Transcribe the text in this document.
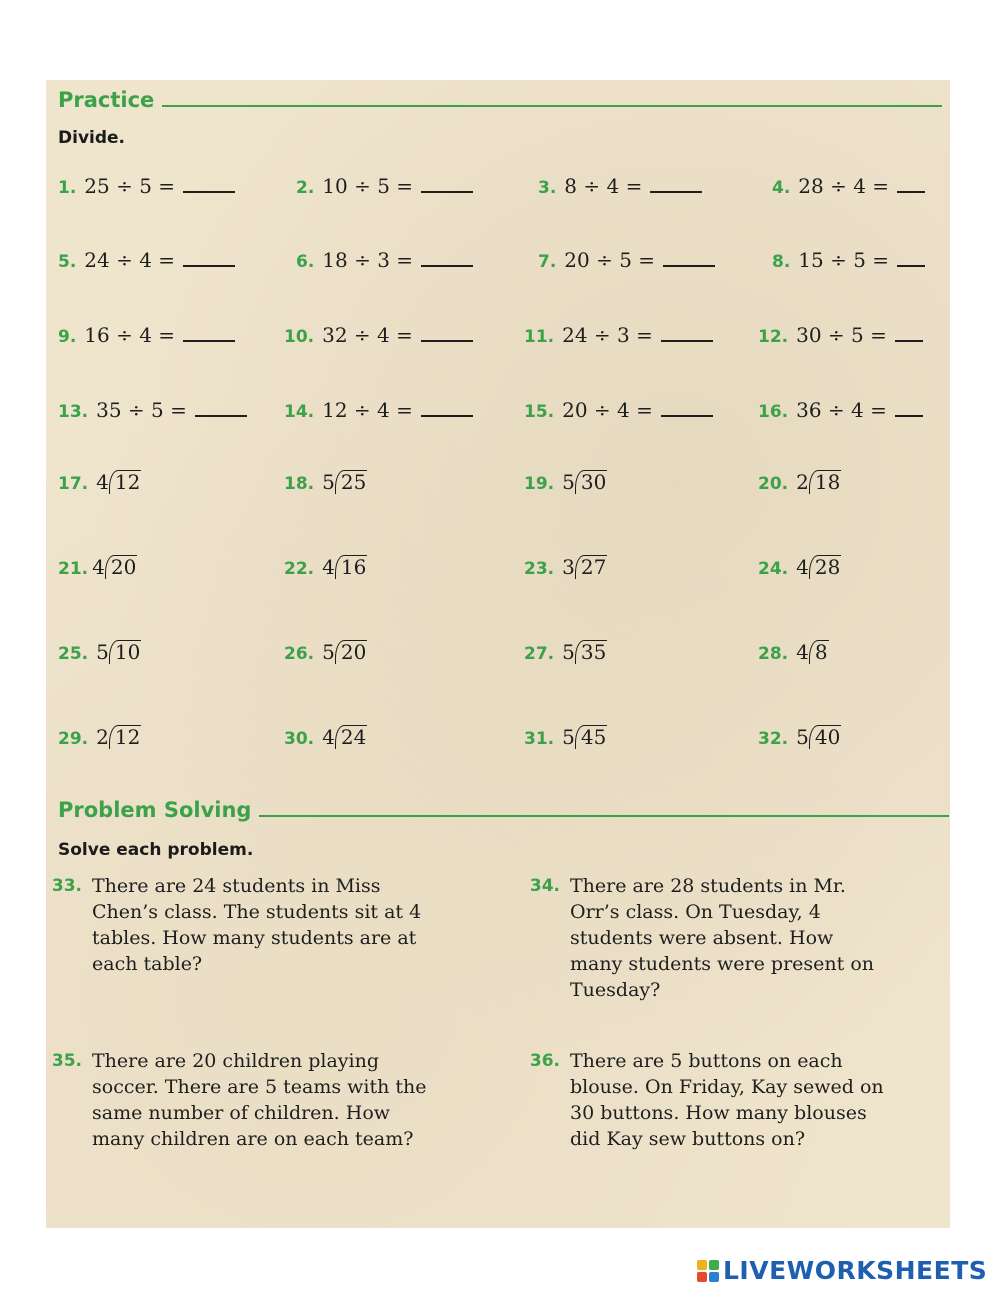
Practice
Divide.
1. 25 ÷ 5 =	2. 10 ÷ 5 =	3. 8 ÷ 4 =	4. 28 ÷ 4 =
5. 24 ÷ 4 =	6. 18 ÷ 3 =	7. 20 ÷ 5 =	8. 15 ÷ 5 =
9. 16 ÷ 4 =	10. 32 ÷ 4 =	11. 24 ÷ 3 =	12. 30 ÷ 5 =
13. 35 ÷ 5 =	14. 12 ÷ 4 =	15. 20 ÷ 4 =	16. 36 ÷ 4 =
17. 4 12	18. 5 25	19. 5 30	20. 2 18
21. 4 20	22. 4 16	23. 3 27	24. 4 28
25. 5 10	26. 5 20	27. 5 35	28. 4 8
29. 2 12	30. 4 24	31. 5 45	32. 5 40
Problem Solving
Solve each problem.
33. There are 24 students in Miss Chen’s class. The students sit at 4 tables. How many students are at each table?
34. There are 28 students in Mr. Orr’s class. On Tuesday, 4 students were absent. How many students were present on Tuesday?
35. There are 20 children playing soccer. There are 5 teams with the same number of children. How many children are on each team?
36. There are 5 buttons on each blouse. On Friday, Kay sewed on 30 buttons. How many blouses did Kay sew buttons on?
LIVEWORKSHEETS
